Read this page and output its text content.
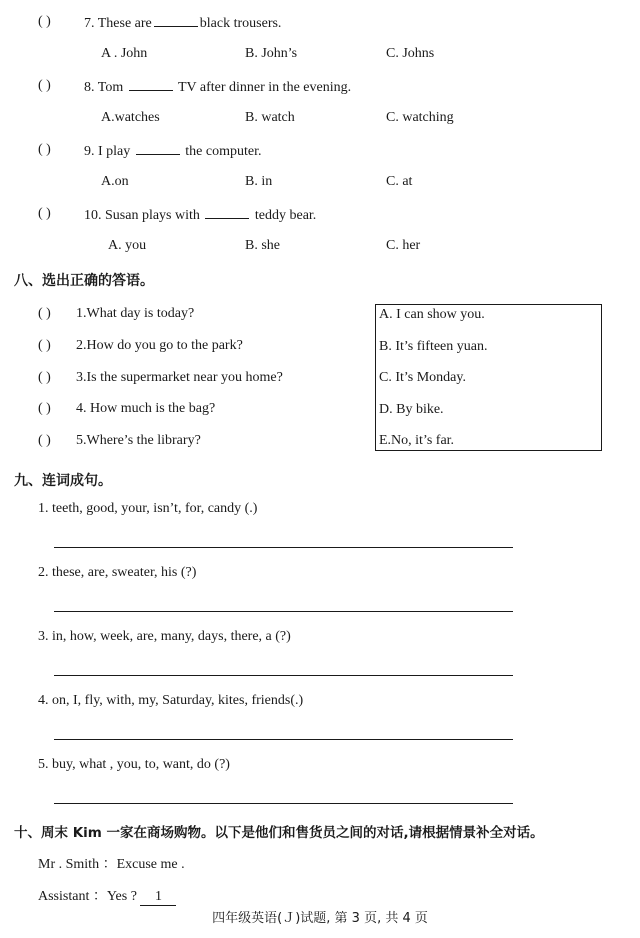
( ) 7. These are	black trousers.
A . John	B. John’s	C. Johns
( ) 8. Tom	TV after dinner in the evening.
A.watches	B. watch	C. watching
( ) 9. I play	the computer.
A.on	B. in	C. at
( ) 10. Susan plays with	teddy bear.
A. you	B. she	C. her
八、选出正确的答语。
( ) 1.What day is today?
( ) 2.How do you go to the park?
( ) 3.Is the supermarket near you home?
( ) 4. How much is the bag?
( ) 5.Where’s the library?
A. I can show you.
B. It’s fifteen yuan.
C. It’s Monday.
D. By bike.
E.No, it’s far.
九、连词成句。
1. teeth, good, your, isn’t, for, candy (.)
2. these, are, sweater, his (?)
3. in, how, week, are, many, days, there, a (?)
4. on, I, fly, with, my, Saturday, kites, friends(.)
5. buy, what , you, to, want, do (?)
十、周末 Kim 一家在商场购物。以下是他们和售货员之间的对话,请根据情景补全对话。
Mr . Smith ：Excuse me .
Assistant ：Yes ? 1
四年级英语(Ｊ)试题, 第 3 页, 共 4 页
